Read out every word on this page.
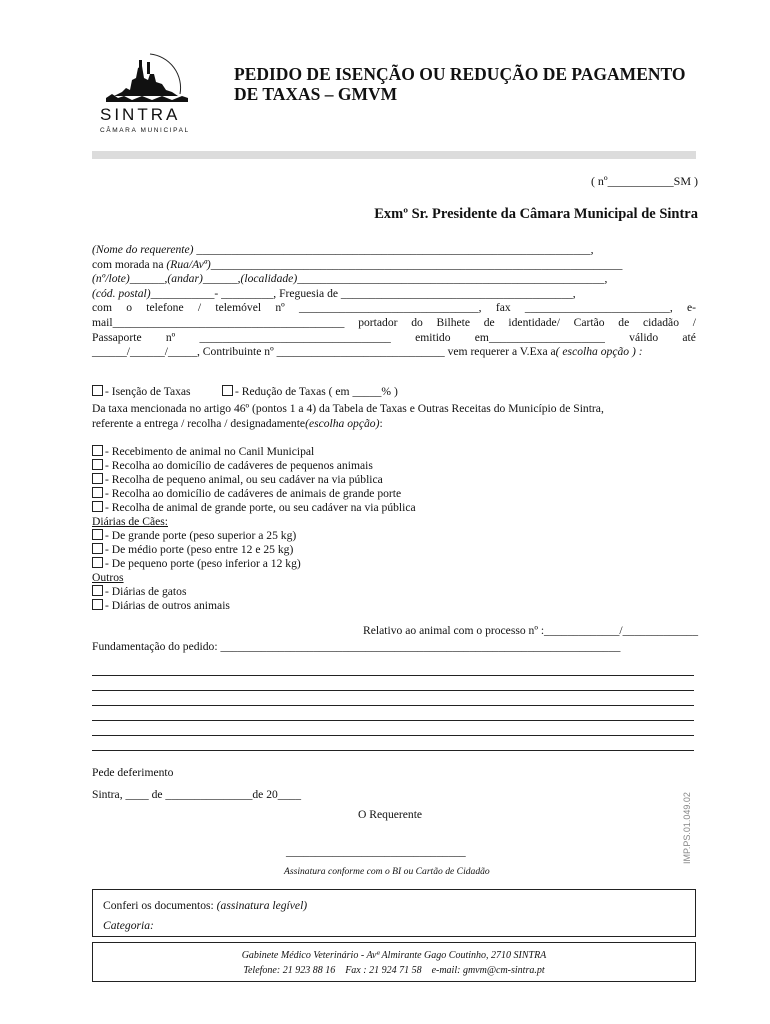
SINTRA
CÂMARA MUNICIPAL
PEDIDO DE ISENÇÃO OU REDUÇÃO DE PAGAMENTO
DE TAXAS – GMVM
( nº___________SM )
Exmº Sr. Presidente da Câmara Municipal de Sintra
(Nome do requerente) ____________________________________________________________________,
com morada na
(Rua/Avª) _______________________________________________________________________
(nº/lote) ______, (andar) ______, (localidade) _____________________________________________________,
(cód. postal) ___________- _________, Freguesia de ________________________________________,
com o telefone / telemóvel nº _______________________________, fax _________________________, e-
mail________________________________________ portador do Bilhete de identidade/ Cartão de cidadão /
Passaporte nº _________________________________ emitido em____________________ válido até
______/______/_____, Contribuinte nº _____________________________ vem requerer a V.Exa a ( escolha opção ) :
- Isenção de Taxas	- Redução de Taxas ( em _____% )
Da taxa mencionada no artigo 46º (pontos 1 a 4) da Tabela de Taxas e Outras Receitas do Município de Sintra,
referente a entrega / recolha / designadamente (escolha opção) :
- Recebimento de animal no Canil Municipal
- Recolha ao domicílio de cadáveres de pequenos animais
- Recolha de pequeno animal, ou seu cadáver na via pública
- Recolha ao domicílio de cadáveres de animais de grande porte
- Recolha de animal de grande porte, ou seu cadáver na via pública
Diárias de Cães:
- De grande porte (peso superior a 25 kg)
- De médio porte (peso entre 12 e 25 kg)
- De pequeno porte (peso inferior a 12 kg)
Outros
- Diárias de gatos
- Diárias de outros animais
Relativo ao animal com o processo nº :_____________/_____________
Fundamentação do pedido: _____________________________________________________________________
Pede deferimento
Sintra, ____ de _______________de 20____
O Requerente
_______________________________
Assinatura conforme com o BI ou Cartão de Cidadão
IMP.PS.01.049.02
Conferi os documentos: (assinatura legível)
Categoria:
Gabinete Médico Veterinário - Avª Almirante Gago Coutinho, 2710 SINTRA
Telefone: 21 923 88 16    Fax : 21 924 71 58    e-mail: gmvm@cm-sintra.pt
